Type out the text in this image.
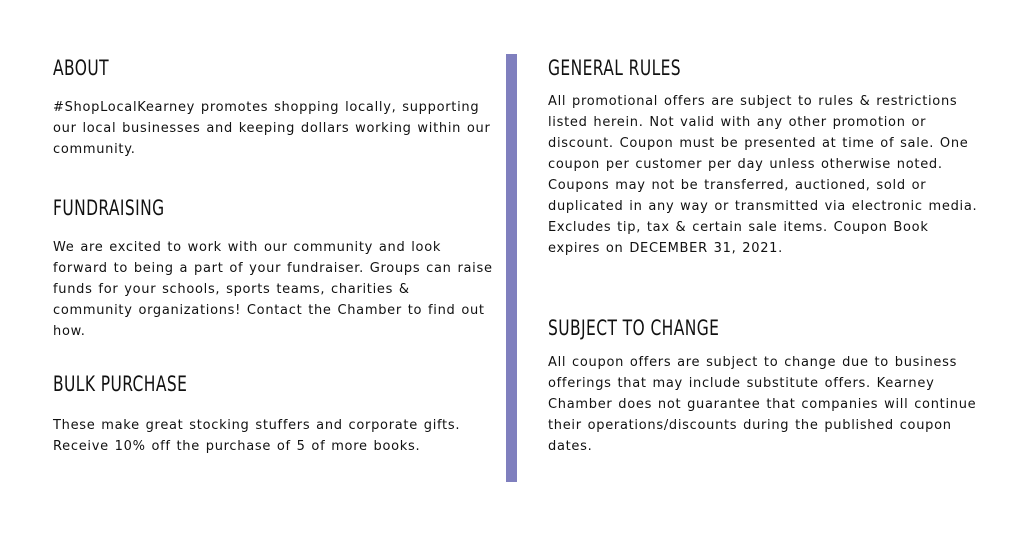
ABOUT

#ShopLocalKearney promotes shopping locally, supporting our local businesses and keeping dollars working within our community.

FUNDRAISING

We are excited to work with our community and look forward to being a part of your fundraiser. Groups can raise funds for your schools, sports teams, charities & community organizations! Contact the Chamber to find out how.

BULK PURCHASE

These make great stocking stuffers and corporate gifts. Receive 10% off the purchase of 5 of more books.

GENERAL RULES

All promotional offers are subject to rules & restrictions listed herein. Not valid with any other promotion or discount. Coupon must be presented at time of sale. One coupon per customer per day unless otherwise noted. Coupons may not be transferred, auctioned, sold or duplicated in any way or transmitted via electronic media. Excludes tip, tax & certain sale items. Coupon Book expires on DECEMBER 31, 2021.

SUBJECT TO CHANGE

All coupon offers are subject to change due to business offerings that may include substitute offers. Kearney Chamber does not guarantee that companies will continue their operations/discounts during the published coupon dates.
